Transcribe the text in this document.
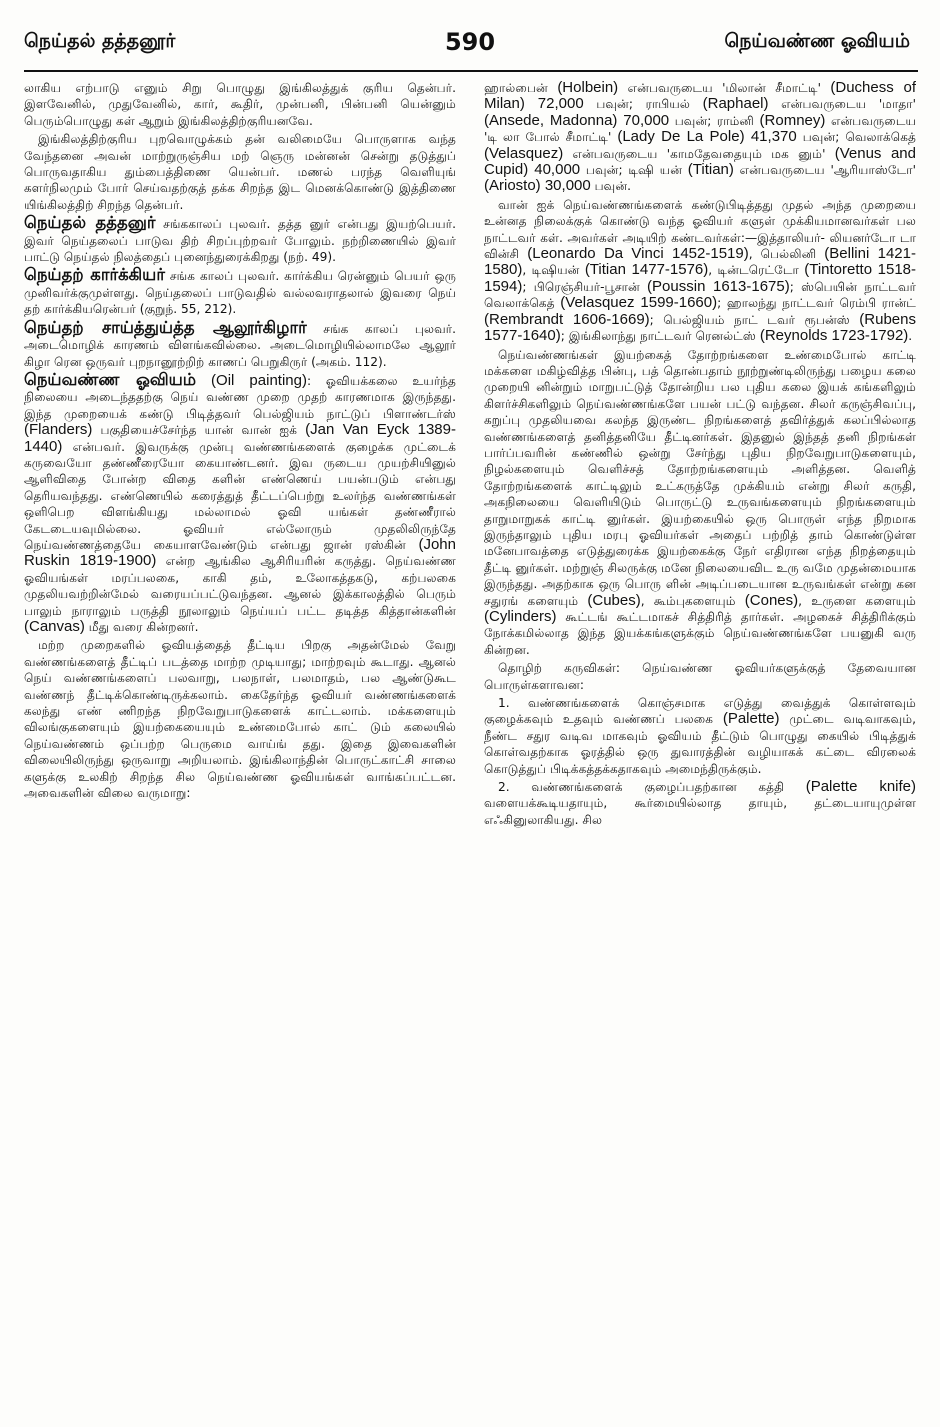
நெய்தல் தத்தனூர்	590	நெய்வண்ண ஓவியம்

லாகிய எற்பாடு எனும் சிறு பொழுது இங்கிலத்துக் குரிய தென்பர். இளவேனில், முதுவேனில், கார், கூதிர், முன்பனி, பின்பனி யென்னும் பெரும்பொழுது கள் ஆறும் இங்கிலத்திற்குரியனவே.

இங்கிலத்திற்குரிய புறவொழுக்கம் தன் வலிமையே பொருளாக வந்த வேந்தனை அவன் மாற்றுருஞ்சிய மற் ஞெரு மன்னன் சென்று தடுத்துப் பொருவதாகிய தும்பைத்திணை யென்பர். மணல் பரந்த வெளியுங் களர்நிலமும் போர் செய்வதற்குத் தக்க சிறந்த இட மெனக்கொண்டு இத்திணை யிங்கிலத்திற் சிறந்த தென்பர்.

நெய்தல் தத்தனுர் சங்ககாலப் புலவர். தத்த னுர் என்பது இயற்பெயர். இவர் நெய்தலைப் பாடுவ திற் சிறப்புற்றவர் போலும். நற்றிணையில் இவர் பாட்டு நெய்தல் நிலத்தைப் புனைந்துரைக்கிறது (நற். 49).

நெய்தற் கார்க்கியர் சங்க காலப் புலவர். கார்க்கிய ரென்னும் பெயர் ஒரு முனிவர்க்குமுள்ளது. நெய்தலைப் பாடுவதில் வல்லவராதலால் இவரை நெய் தற் கார்க்கியரென்பர் (குறுந். 55, 212).

நெய்தற் சாய்த்துய்த்த ஆலூர்கிழார் சங்க காலப் புலவர். அடைமொழிக் காரணம் விளங்கவில்லை. அடைமொழியில்லாமலே ஆலூர் கிழா ரென ஒருவர் புறநானூற்றிற் காணப் பெறுகிருர் (அகம். 112).

நெய்வண்ண ஓவியம் (Oil painting): ஓவியக்கலை உயர்ந்த நிலையை அடைந்ததற்கு நெய் வண்ண முறை முதற் காரணமாக இருந்தது. இந்த முறையைக் கண்டு பிடித்தவர் பெல்ஜியம் நாட்டுப் பிளாண்டர்ஸ் (Flanders) பகுதியைச்சேர்ந்த யான் வான் ஐக் (Jan Van Eyck 1389-1440) என்பவர். இவருக்கு முன்பு வண்ணங்களைக் குழைக்க முட்டைக் கருவையோ தண்ணீரையோ கையாண்டனர். இவ ருடைய முயற்சியினுல் ஆளிவிதை போன்ற விதை களின் எண்ணெய் பயன்படும் என்பது தெரியவந்தது. எண்ணெயில் கரைத்துத் தீட்டப்பெற்று உலர்ந்த வண்ணங்கள் ஒளிபெற விளங்கியது மல்லாமல் ஓவி யங்கள் தண்ணீரால் கேடடையவுமில்லை. ஓவியர் எல்லோரும் முதலிலிருந்தே நெய்வண்ணத்தையே கையாளவேண்டும் என்பது ஜான் ரஸ்கின் (John Ruskin 1819-1900) என்ற ஆங்கில ஆசிரியரின் கருத்து. நெய்வண்ண ஓவியங்கள் மரப்பலகை, காகி தம், உலோகத்தகடு, கற்பலகை முதலியவற்றின்மேல் வரையப்பட்டுவந்தன. ஆனல் இக்காலத்தில் பெரும் பாலும் நாராலும் பருத்தி நூலாலும் நெய்யப் பட்ட தடித்த கித்தான்களின் (Canvas) மீது வரை கின்றனர்.

மற்ற முறைகளில் ஓவியத்தைத் தீட்டிய பிறகு அதன்மேல் வேறு வண்ணங்களைத் தீட்டிப் படத்தை மாற்ற முடியாது; மாற்றவும் கூடாது. ஆனல் நெய் வண்ணங்களைப் பலவாறு, பலநாள், பலமாதம், பல ஆண்டுகூட வண்ணந் தீட்டிக்கொண்டிருக்கலாம். கைதேர்ந்த ஓவியர் வண்ணங்களைக் கலந்து எண் ணிறந்த நிறவேறுபாடுகளைக் காட்டலாம். மக்களையும் விலங்குகளையும் இயற்கையையும் உண்மைபோல் காட் டும் கலையில் நெய்வண்ணம் ஒப்பற்ற பெருமை வாய்ங் தது. இதை இவைகளின் விலையிலிருந்து ஒருவாறு அறியலாம். இங்கிலாந்தின் பொருட்காட்சி சாலை களுக்கு உலகிற் சிறந்த சில நெய்வண்ண ஓவியங்கள் வாங்கப்பட்டன. அவைகளின் விலை வருமாறு:

ஹால்பைன் (Holbein) என்பவருடைய 'மிலான் சீமாட்டி' (Duchess of Milan) 72,000 பவுன்; ராபியல் (Raphael) என்பவருடைய 'மாதா' (Ansede, Madonna) 70,000 பவுன்; ராம்னி (Romney) என்பவருடைய 'டி லா போல் சீமாட்டி' (Lady De La Pole) 41,370 பவுன்; வெலாக்கெத் (Velasquez) என்பவருடைய 'காமதேவதையும் மக னும்' (Venus and Cupid) 40,000 பவுன்; டிஷி யன் (Titian) என்பவருடைய 'ஆரியாஸ்டோ' (Ariosto) 30,000 பவுன்.

வான் ஐக் நெய்வண்ணங்களைக் கண்டுபிடித்தது முதல் அந்த முறையை உன்னத நிலைக்குக் கொண்டு வந்த ஓவியர் களுள் முக்கியமானவர்கள் பல நாட்டவர் கள். அவர்கள் அடியிற் கண்டவர்கள்:—இத்தாலியர்- லியனர்டோ டா வின்சி (Leonardo Da Vinci 1452-1519), பெல்லினி (Bellini 1421-1580), டிஷியன் (Titian 1477-1576), டின்டரெட்டோ (Tintoretto 1518-1594); பிரெஞ்சியர்-பூசான் (Poussin 1613-1675); ஸ்பெயின் நாட்டவர் வெலாக்கெத் (Velasquez 1599-1660); ஹாலந்து நாட்டவர் ரெம்பி ரான்ட் (Rembrandt 1606-1669); பெல்ஜியம் நாட் டவர் ரூபன்ஸ் (Rubens 1577-1640); இங்கிலாந்து நாட்டவர் ரெனல்ட்ஸ் (Reynolds 1723-1792).

நெய்வண்ணங்கள் இயற்கைத் தோற்றங்களை உண்மைபோல் காட்டி மக்களை மகிழ்வித்த பின்பு, பத் தொன்பதாம் நூற்றுண்டிலிருந்து பழைய கலை முறையி னின்றும் மாறுபட்டுத் தோன்றிய பல புதிய கலை இயக் கங்களிலும் கிளர்ச்சிகளிலும் நெய்வண்ணங்களே பயன் பட்டு வந்தன. சிலர் கருஞ்சிவப்பு, கறுப்பு முதலியவை கலந்த இருண்ட நிறங்களைத் தவிர்த்துக் கலப்பில்லாத வண்ணங்களைத் தனித்தனியே தீட்டினர்கள். இதனுல் இந்தத் தனி நிறங்கள் பார்ப்பவரின் கண்ணில் ஒன்று சேர்ந்து புதிய நிறவேறுபாடுகளையும், நிழல்களையும் வெளிச்சத் தோற்றங்களையும் அளித்தன. வெளித் தோற்றங்களைக் காட்டிலும் உட்கருத்தே முக்கியம் என்று சிலர் கருதி, அகநிலையை வெளியிடும் பொருட்டு உருவங்களையும் நிறங்களையும் தாறுமாறுகக் காட்டி னுர்கள். இயற்கையில் ஒரு பொருள் எந்த நிறமாக இருந்தாலும் புதிய மரபு ஓவியர்கள் அதைப் பற்றித் தாம் கொண்டுள்ள மனேபாவத்தை எடுத்துரைக்க இயற்கைக்கு நேர் எதிரான எந்த நிறத்தையும் தீட்டி னுர்கள். மற்றுஞ் சிலருக்கு மனே நிலையைவிட உரு வமே முதன்மையாக இருந்தது. அதற்காக ஒரு பொரு ளின் அடிப்படையான உருவங்கள் என்று கன சதுரங் களையும் (Cubes), கூம்புகளையும் (Cones), உருளை களையும் (Cylinders) கூட்டங் கூட்டமாகச் சித்திரித் தார்கள். அழகைச் சித்திரிக்கும் நோக்கமில்லாத இந்த இயக்கங்களுக்கும் நெய்வண்ணங்களே பயனுகி வரு கின்றன.

தொழிற் கருவிகள்: நெய்வண்ண ஓவியர்களுக்குத் தேவையான பொருள்களாவன:

1. வண்ணங்களைக் கொஞ்சமாக எடுத்து வைத்துக் கொள்ளவும் குழைக்கவும் உதவும் வண்ணப் பலகை (Palette) முட்டை வடிவாகவும், நீண்ட சதுர வடிவ மாகவும் ஓவியம் தீட்டும் பொழுது கையில் பிடித்துக் கொள்வதற்காக ஓரத்தில் ஒரு துவாரத்தின் வழியாகக் கட்டை விரலைக் கொடுத்துப் பிடிக்கத்தக்கதாகவும் அமைந்திருக்கும்.

2. வண்ணங்களைக் குழைப்பதற்கான கத்தி (Palette knife) வளையக்கூடியதாயும், கூர்மையில்லாத தாயும், தட்டையாயுமுள்ள எஃகினுலாகியது. சில
